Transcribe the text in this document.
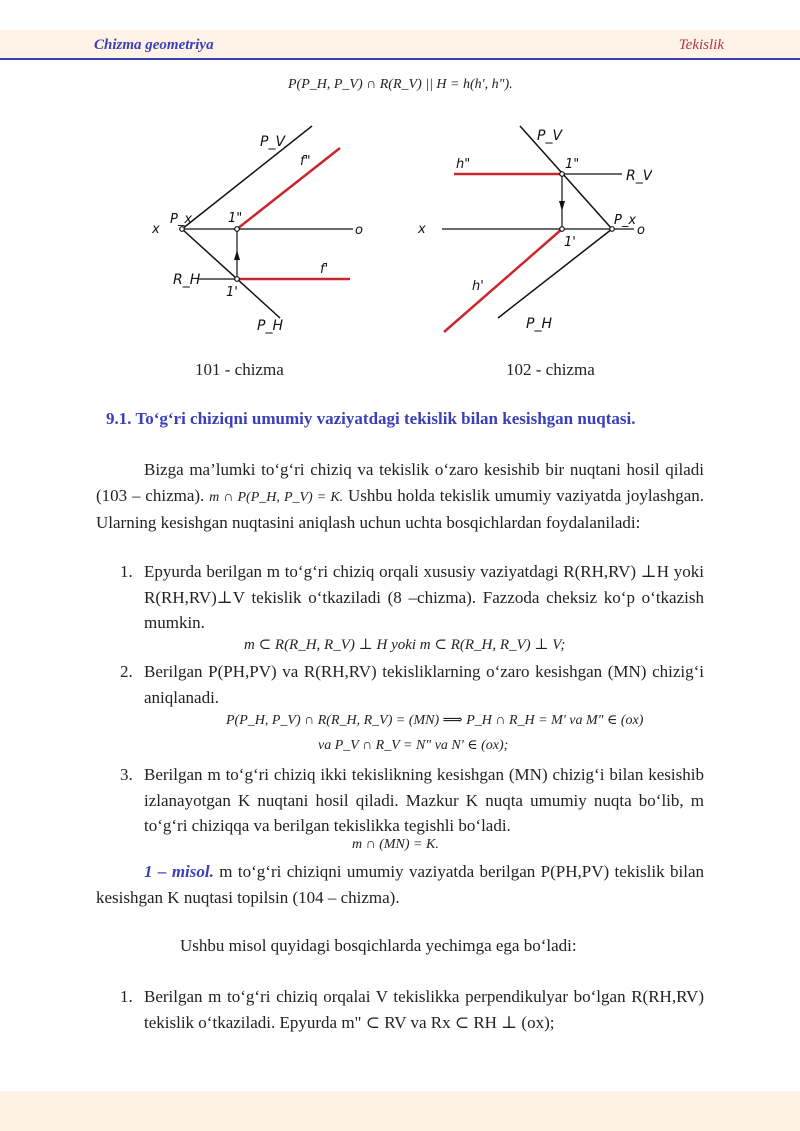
Chizma geometriya	Tekislik
P(P_H, P_V) ∩ R(R_V) || H = h(h', h").
P_V
f"
P_x
x	o
1"
R_H
f'
1'
P_H
P_V
h"	1"
R_V
x
P_x
o
1'
h'
P_H
101 - chizma	102 - chizma
9.1. To‘g‘ri chiziqni umumiy vaziyatdagi tekislik bilan kesishgan nuqtasi.
Bizga ma’lumki to‘g‘ri chiziq va tekislik o‘zaro kesishib bir nuqtani hosil qiladi (103 – chizma). m ∩ P(P_H, P_V) = K. Ushbu holda tekislik umumiy vaziyatda joylashgan. Ularning kesishgan nuqtasini aniqlash uchun uchta bosqichlardan foydalaniladi:
1. Epyurda berilgan m to‘g‘ri chiziq orqali xususiy vaziyatdagi R(RH,RV) ⊥H yoki R(RH,RV)⊥V tekislik o‘tkaziladi (8 –chizma). Fazzoda cheksiz ko‘p o‘tkazish mumkin.
m ⊂ R(R_H, R_V) ⊥ H yoki m ⊂ R(R_H, R_V) ⊥ V;
2. Berilgan P(PH,PV) va R(RH,RV) tekisliklarning o‘zaro kesishgan (MN) chizig‘i aniqlanadi.
P(P_H, P_V) ∩ R(R_H, R_V) = (MN) ⟹ P_H ∩ R_H = M' va M" ∈ (ox)
va P_V ∩ R_V = N" va N' ∈ (ox);
3. Berilgan m to‘g‘ri chiziq ikki tekislikning kesishgan (MN) chizig‘i bilan kesishib izlanayotgan K nuqtani hosil qiladi. Mazkur K nuqta umumiy nuqta bo‘lib, m to‘g‘ri chiziqqa va berilgan tekislikka tegishli bo‘ladi.
m ∩ (MN) = K.
1 – misol. m to‘g‘ri chiziqni umumiy vaziyatda berilgan P(PH,PV) tekislik bilan kesishgan K nuqtasi topilsin (104 – chizma).
Ushbu misol quyidagi bosqichlarda yechimga ega bo‘ladi:
1. Berilgan m to‘g‘ri chiziq orqalai V tekislikka perpendikulyar bo‘lgan R(RH,RV) tekislik o‘tkaziladi. Epyurda m" ⊂ RV va Rx ⊂ RH ⊥ (ox);
